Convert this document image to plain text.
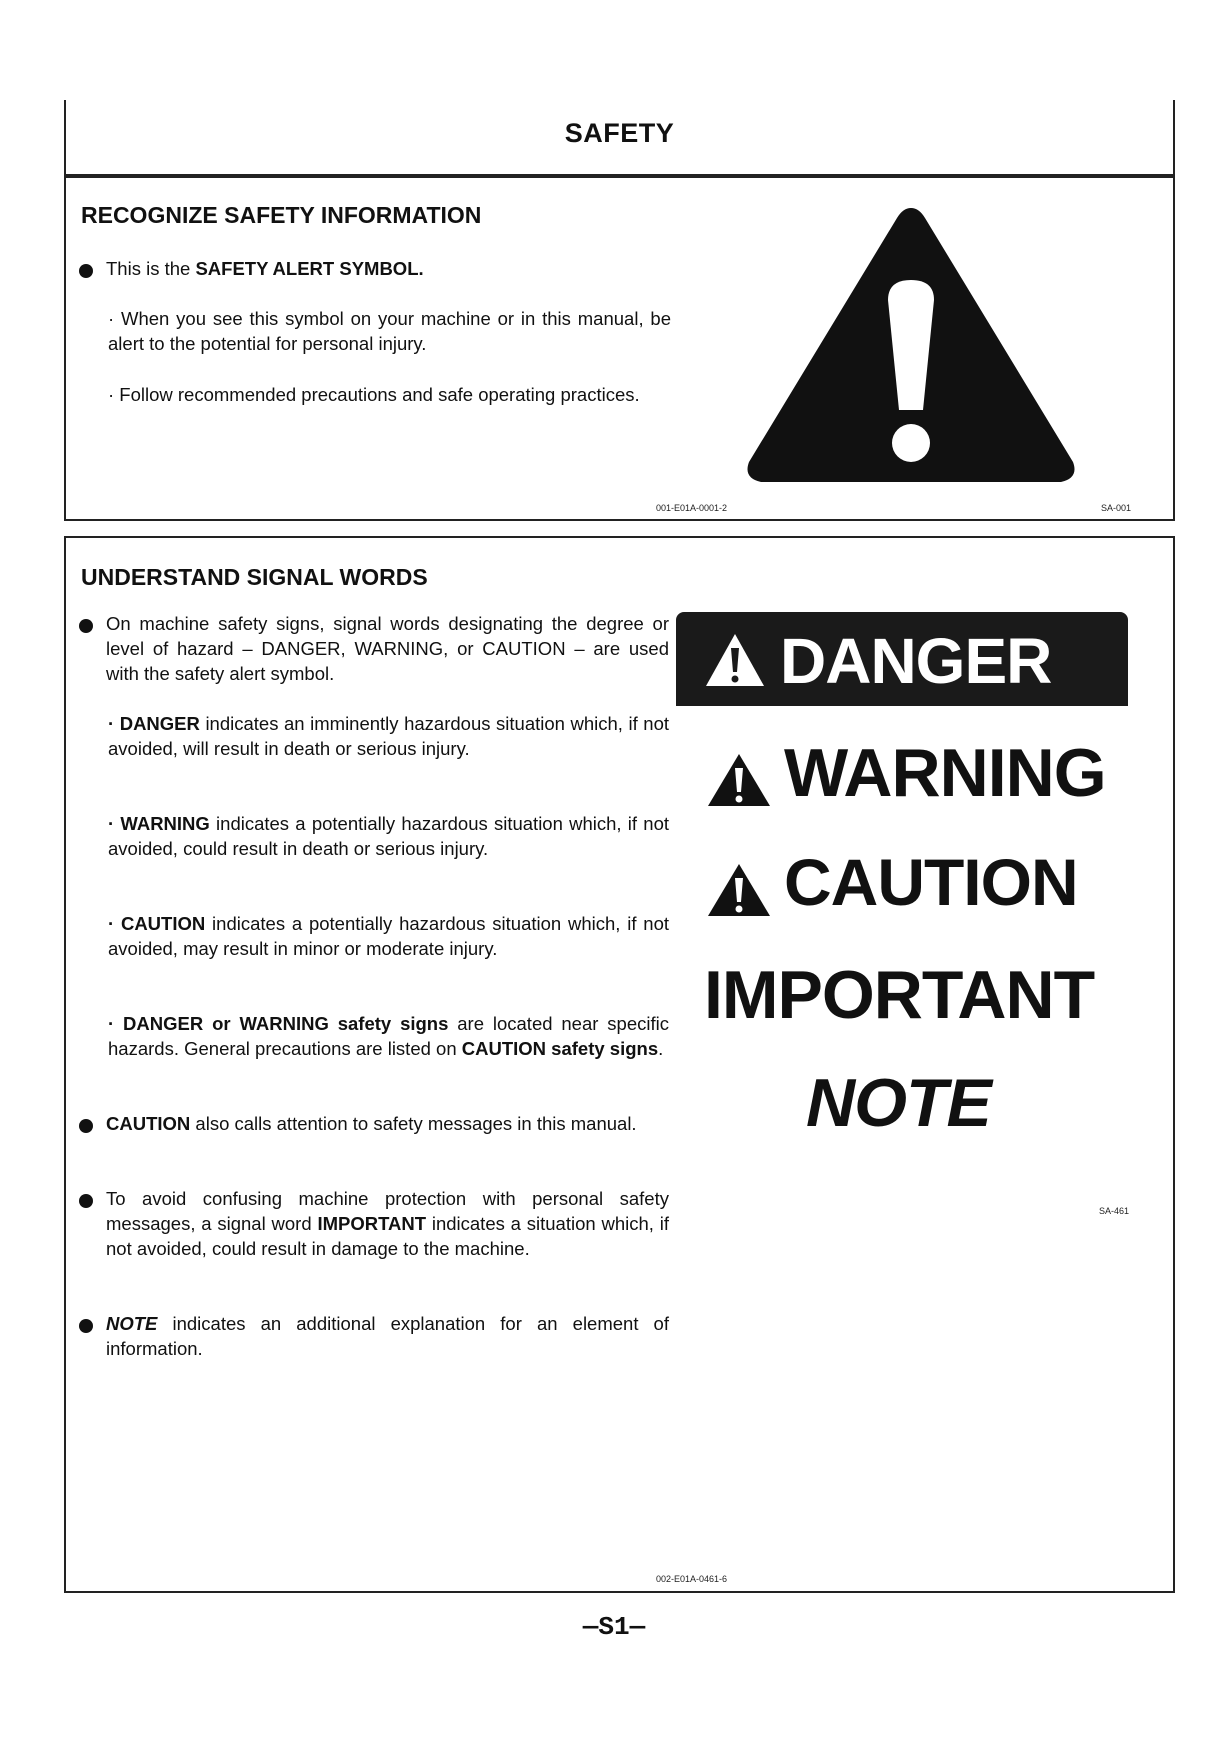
SAFETY
RECOGNIZE SAFETY INFORMATION
This is the SAFETY ALERT SYMBOL.
· When you see this symbol on your machine or in this manual, be alert to the potential for personal injury.
· Follow recommended precautions and safe operating practices.
001-E01A-0001-2	SA-001
UNDERSTAND SIGNAL WORDS
On machine safety signs, signal words designating the degree or level of hazard – DANGER, WARNING, or CAUTION – are used with the safety alert symbol.
· DANGER indicates an imminently hazardous situation which, if not avoided, will result in death or serious injury.
· WARNING indicates a potentially hazardous situation which, if not avoided, could result in death or serious injury.
· CAUTION indicates a potentially hazardous situation which, if not avoided, may result in minor or moderate injury.
· DANGER or WARNING safety signs are located near specific hazards. General precautions are listed on CAUTION safety signs.
CAUTION also calls attention to safety messages in this manual.
To avoid confusing machine protection with personal safety messages, a signal word IMPORTANT indicates a situation which, if not avoided, could result in damage to the machine.
NOTE indicates an additional explanation for an element of information.
DANGER
WARNING
CAUTION
IMPORTANT
NOTE
SA-461
002-E01A-0461-6
—S1—
